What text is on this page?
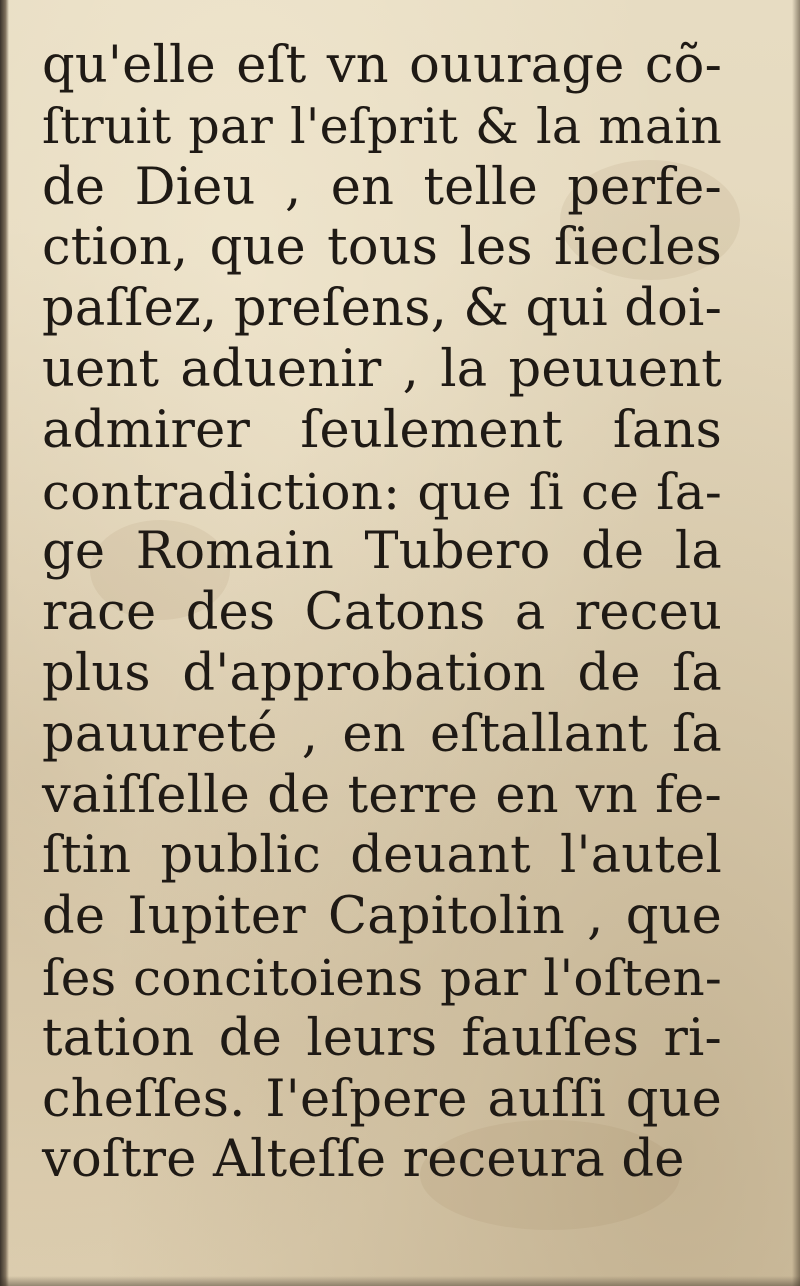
qu'elle eſt vn ouurage cõ-
ſtruit par l'eſprit & la main
de Dieu , en telle perfe-
ction, que tous les ſiecles
paſſez, preſens, & qui doi-
uent aduenir , la peuuent
admirer ſeulement ſans
contradiction: que ſi ce ſa-
ge Romain Tubero de la
race des Catons a receu
plus d'approbation de ſa
pauureté , en eſtallant ſa
vaiſſelle de terre en vn fe-
ſtin public deuant l'autel
de Iupiter Capitolin , que
ſes concitoiens par l'oſten-
tation de leurs fauſſes ri-
cheſſes. I'eſpere auſſi que
voſtre Alteſſe receura de
